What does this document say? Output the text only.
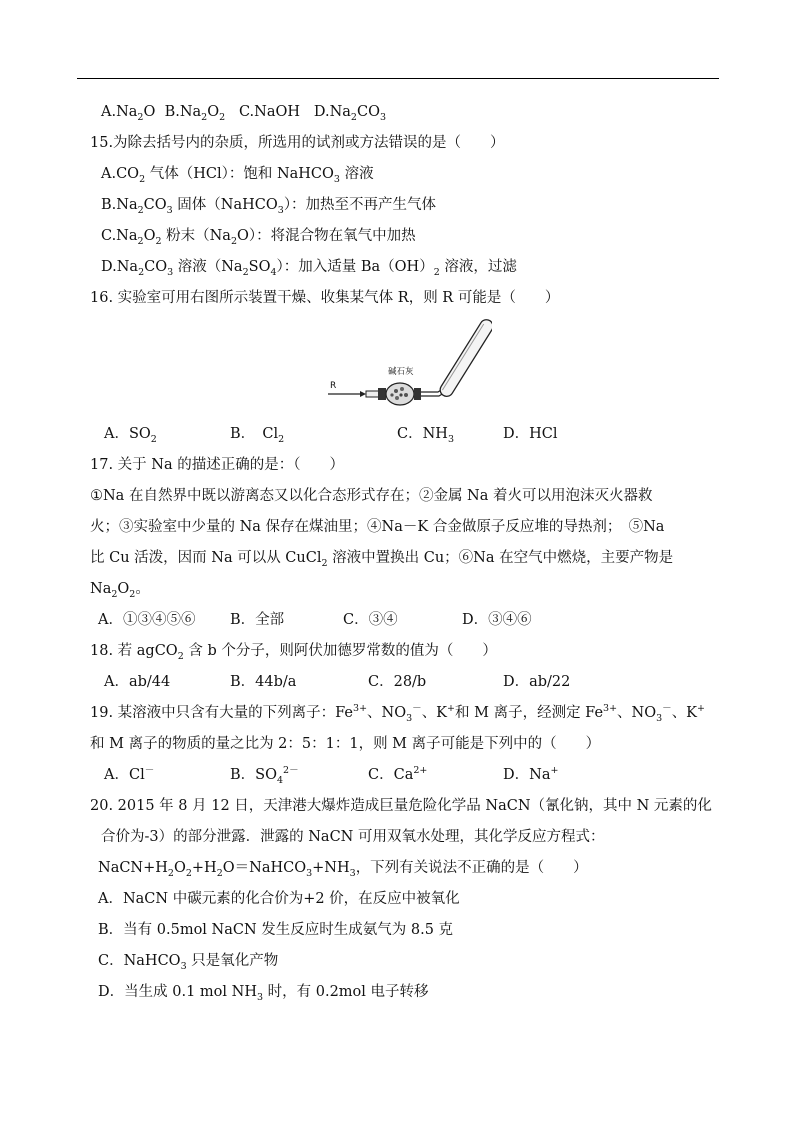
$A.Na_2O$  $B.Na_2O_2$   C.NaOH   $D.Na_2CO_3$
15.为除去括号内的杂质，所选用的试剂或方法错误的是（　　）
$A.CO_2$ 气体（HCl）：饱和 NaHCO$_3$ 溶液
$B.Na_2CO_3$ 固体（NaHCO$_3$）：加热至不再产生气体
$C.Na_2O_2$ 粉末$(Na_2O)$：将混合物在氧气中加热
$D.Na_2CO_3$ 溶液$(Na_2SO_4)$：加入适量 $Ba(OH)_2$ 溶液，过滤
16. 实验室可用右图所示装置干燥、收集某气体 R，则 R 可能是（　　）
R
碱石灰
A．$SO_2$	B．　$Cl_2$	C．$NH_3$	D．HCl
17. 关于 Na 的描述正确的是：（　　）
①Na 在自然界中既以游离态又以化合态形式存在；②金属 Na 着火可以用泡沫灭火器救
火；③实验室中少量的 Na 保存在煤油里；④Na－K 合金做原子反应堆的导热剂；　⑤Na
比 Cu 活泼，因而 Na 可以从 CuCl$_2$ 溶液中置换出 Cu；⑥Na 在空气中燃烧，主要产物是
$Na_2O_2$。
A．①③④⑤⑥ B．全部	C．③④	D．③④⑥
18. 若 agCO$_2$ 含 b 个分子，则阿伏加德罗常数的值为（　　）
A．ab/44	B．44b/a	C．28/b	D．ab/22
19. 某溶液中只含有大量的下列离子：$Fe^{3+}$、$NO_3^-$、K+和 M 离子，经测定 $Fe^{3+}$、$NO_3^-$、K+
和 M 离子的物质的量之比为 2：5：1：1，则 M 离子可能是下列中的（　　）
A．Cl－	B．$SO_4^{2-}$	C．$Ca^{2+}$	D．Na+
20. 2015 年 8 月 12 日，天津港大爆炸造成巨量危险化学品 NaCN（氰化钠，其中 N 元素的化
合价为-3）的部分泄露．泄露的 NaCN 可用双氧水处理，其化学反应方程式：
$NaCN+H_2O_2+H_2O=NaHCO_3+NH_3$，下列有关说法不正确的是（　　）
A．NaCN 中碳元素的化合价为+2 价，在反应中被氧化
B．当有 0.5mol NaCN 发生反应时生成氨气为 8.5 克
C．NaHCO$_3$ 只是氧化产物
D．当生成 0.1 mol $NH_3$ 时，有 0.2mol 电子转移
